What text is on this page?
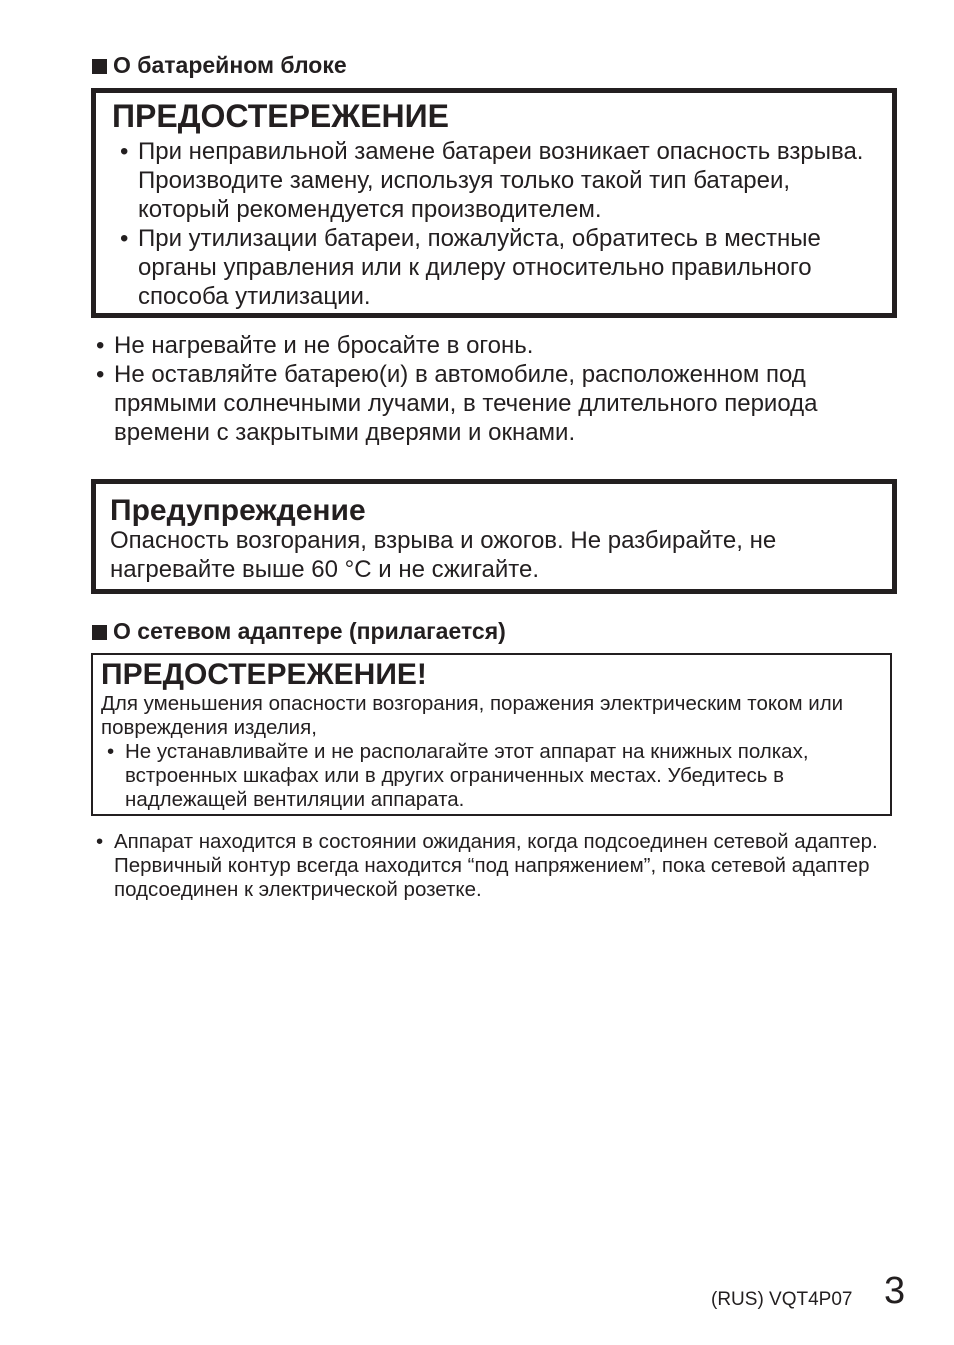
О батарейном блоке
ПРЕДОСТЕРЕЖЕНИЕ
• При неправильной замене батареи возникает опасность взрыва. Производите замену, используя только такой тип батареи, который рекомендуется производителем.
• При утилизации батареи, пожалуйста, обратитесь в местные органы управления или к дилеру относительно правильного способа утилизации.
• Не нагревайте и не бросайте в огонь.
• Не оставляйте батарею(и) в автомобиле, расположенном под прямыми солнечными лучами, в течение длительного периода времени с закрытыми дверями и окнами.
Предупреждение
Опасность возгорания, взрыва и ожогов. Не разбирайте, не нагревайте выше 60 °C и не сжигайте.
О сетевом адаптере (прилагается)
ПРЕДОСТЕРЕЖЕНИЕ!
Для уменьшения опасности возгорания, поражения электрическим током или повреждения изделия,
• Не устанавливайте и не располагайте этот аппарат на книжных полках, встроенных шкафах или в других ограниченных местах. Убедитесь в надлежащей вентиляции аппарата.
• Аппарат находится в состоянии ожидания, когда подсоединен сетевой адаптер. Первичный контур всегда находится “под напряжением”, пока сетевой адаптер подсоединен к электрической розетке.
(RUS) VQT4P07 3
